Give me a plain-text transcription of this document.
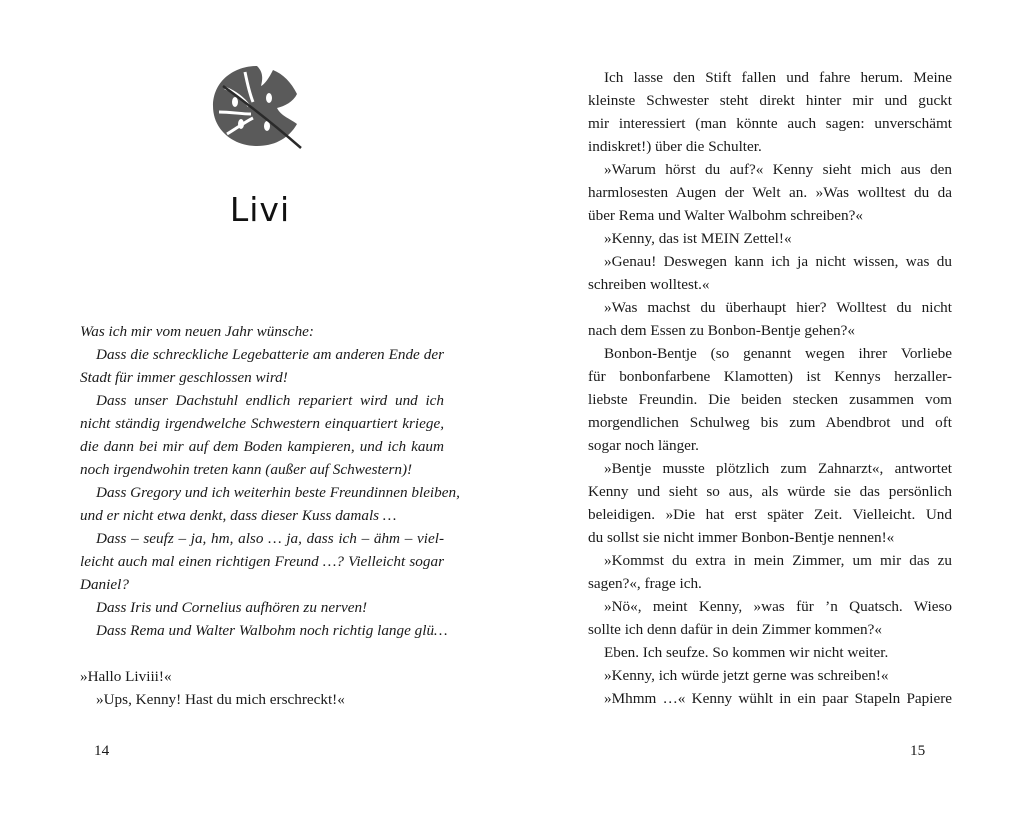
Livi
Was ich mir vom neuen Jahr wünsche:
Dass die schreckliche Legebatterie am anderen Ende der
Stadt für immer geschlossen wird!
Dass unser Dachstuhl endlich repariert wird und ich
nicht ständig irgendwelche Schwestern einquartiert kriege,
die dann bei mir auf dem Boden kampieren, und ich kaum
noch irgendwohin treten kann (außer auf Schwestern)!
Dass Gregory und ich weiterhin beste Freundinnen bleiben,
und er nicht etwa denkt, dass dieser Kuss damals …
Dass – seufz – ja, hm, also … ja, dass ich – ähm – viel-
leicht auch mal einen richtigen Freund …? Vielleicht sogar
Daniel?
Dass Iris und Cornelius aufhören zu nerven!
Dass Rema und Walter Walbohm noch richtig lange glü…
»Hallo Liviii!«
»Ups, Kenny! Hast du mich erschreckt!«
14
Ich lasse den Stift fallen und fahre herum. Meine
kleinste Schwester steht direkt hinter mir und guckt
mir interessiert (man könnte auch sagen: unverschämt
indiskret!) über die Schulter.
»Warum hörst du auf?« Kenny sieht mich aus den
harmlosesten Augen der Welt an. »Was wolltest du da
über Rema und Walter Walbohm schreiben?«
»Kenny, das ist MEIN Zettel!«
»Genau! Deswegen kann ich ja nicht wissen, was du
schreiben wolltest.«
»Was machst du überhaupt hier? Wolltest du nicht
nach dem Essen zu Bonbon-Bentje gehen?«
Bonbon-Bentje (so genannt wegen ihrer Vorliebe
für bonbonfarbene Klamotten) ist Kennys herzaller-
liebste Freundin. Die beiden stecken zusammen vom
morgendlichen Schulweg bis zum Abendbrot und oft
sogar noch länger.
»Bentje musste plötzlich zum Zahnarzt«, antwortet
Kenny und sieht so aus, als würde sie das persönlich
beleidigen. »Die hat erst später Zeit. Vielleicht. Und
du sollst sie nicht immer Bonbon-Bentje nennen!«
»Kommst du extra in mein Zimmer, um mir das zu
sagen?«, frage ich.
»Nö«, meint Kenny, »was für ’n Quatsch. Wieso
sollte ich denn dafür in dein Zimmer kommen?«
Eben. Ich seufze. So kommen wir nicht weiter.
»Kenny, ich würde jetzt gerne was schreiben!«
»Mhmm …« Kenny wühlt in ein paar Stapeln Papiere
15
